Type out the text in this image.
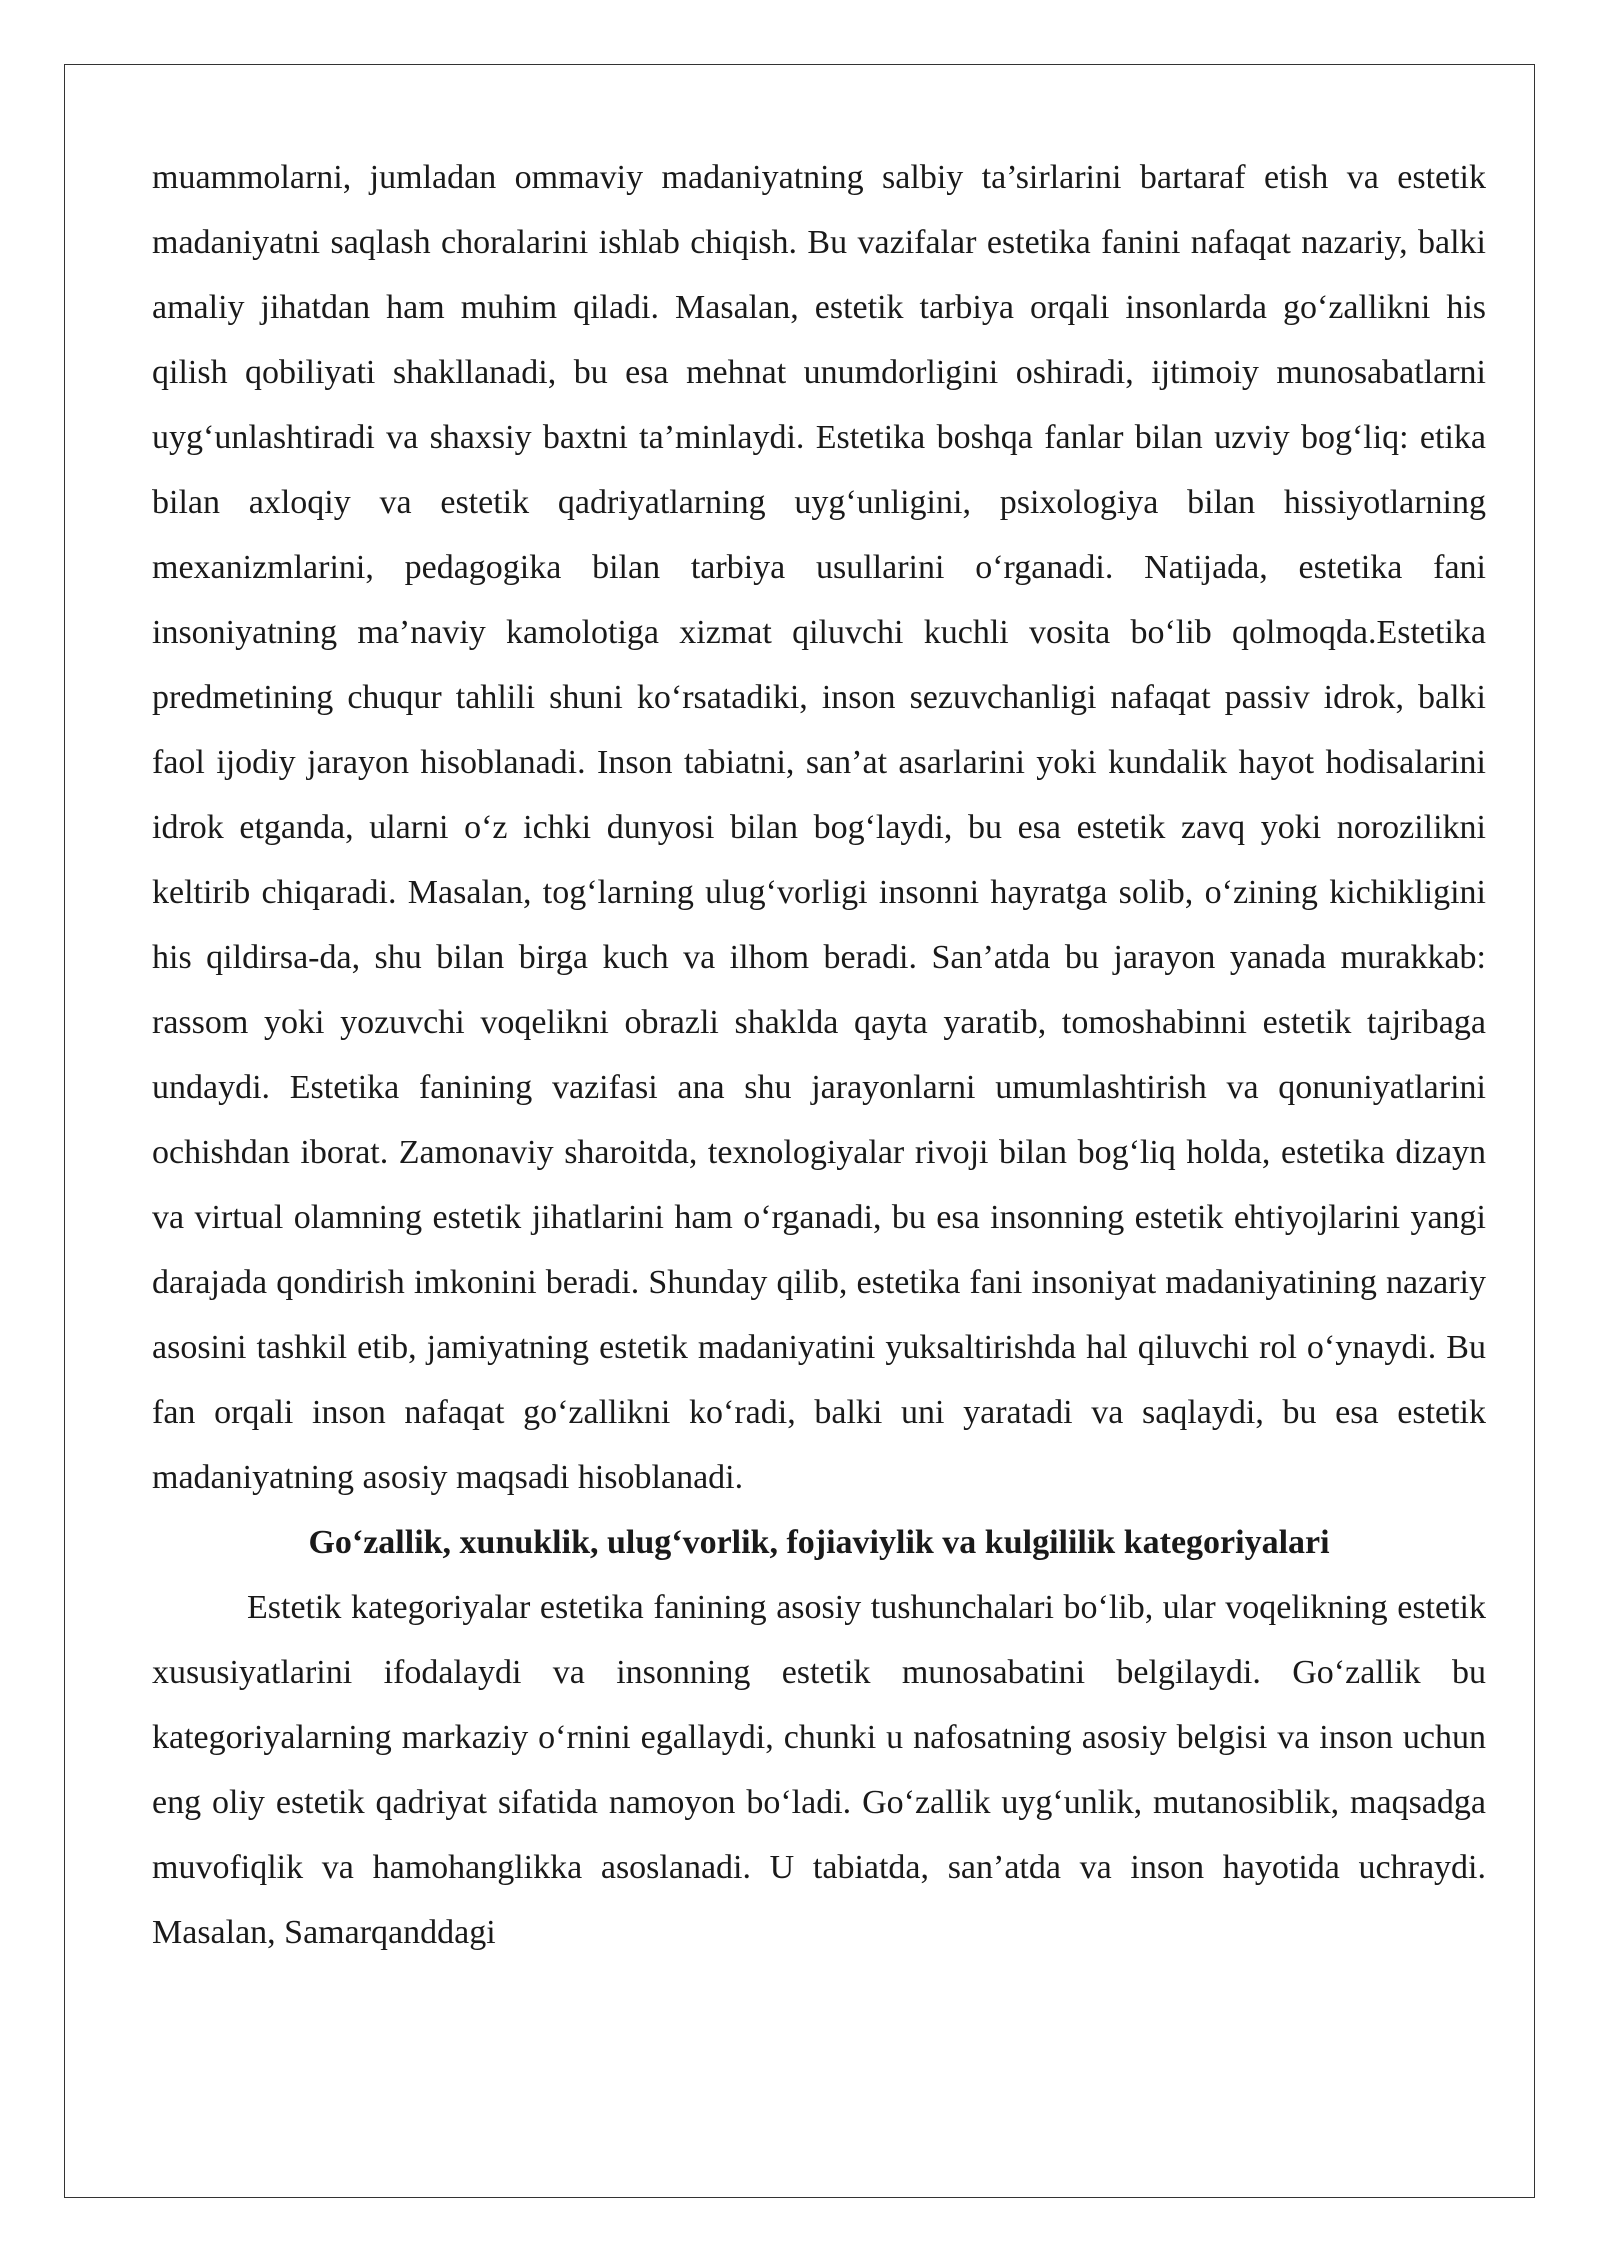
muammolarni, jumladan ommaviy madaniyatning salbiy ta’sirlarini bartaraf etish va estetik madaniyatni saqlash choralarini ishlab chiqish. Bu vazifalar estetika fanini nafaqat nazariy, balki amaliy jihatdan ham muhim qiladi. Masalan, estetik tarbiya orqali insonlarda go‘zallikni his qilish qobiliyati shakllanadi, bu esa mehnat unumdorligini oshiradi, ijtimoiy munosabatlarni uyg‘unlashtiradi va shaxsiy baxtni ta’minlaydi. Estetika boshqa fanlar bilan uzviy bog‘liq: etika bilan axloqiy va estetik qadriyatlarning uyg‘unligini, psixologiya bilan hissiyotlarning mexanizmlarini, pedagogika bilan tarbiya usullarini o‘rganadi. Natijada, estetika fani insoniyatning ma’naviy kamolotiga xizmat qiluvchi kuchli vosita bo‘lib qolmoqda.Estetika predmetining chuqur tahlili shuni ko‘rsatadiki, inson sezuvchanligi nafaqat passiv idrok, balki faol ijodiy jarayon hisoblanadi. Inson tabiatni, san’at asarlarini yoki kundalik hayot hodisalarini idrok etganda, ularni o‘z ichki dunyosi bilan bog‘laydi, bu esa estetik zavq yoki norozilikni keltirib chiqaradi. Masalan, tog‘larning ulug‘vorligi insonni hayratga solib, o‘zining kichikligini his qildirsa-da, shu bilan birga kuch va ilhom beradi. San’atda bu jarayon yanada murakkab: rassom yoki yozuvchi voqelikni obrazli shaklda qayta yaratib, tomoshabinni estetik tajribaga undaydi. Estetika fanining vazifasi ana shu jarayonlarni umumlashtirish va qonuniyatlarini ochishdan iborat. Zamonaviy sharoitda, texnologiyalar rivoji bilan bog‘liq holda, estetika dizayn va virtual olamning estetik jihatlarini ham o‘rganadi, bu esa insonning estetik ehtiyojlarini yangi darajada qondirish imkonini beradi. Shunday qilib, estetika fani insoniyat madaniyatining nazariy asosini tashkil etib, jamiyatning estetik madaniyatini yuksaltirishda hal qiluvchi rol o‘ynaydi. Bu fan orqali inson nafaqat go‘zallikni ko‘radi, balki uni yaratadi va saqlaydi, bu esa estetik madaniyatning asosiy maqsadi hisoblanadi.

Go‘zallik, xunuklik, ulug‘vorlik, fojiaviylik va kulgililik kategoriyalari

Estetik kategoriyalar estetika fanining asosiy tushunchalari bo‘lib, ular voqelikning estetik xususiyatlarini ifodalaydi va insonning estetik munosabatini belgilaydi. Go‘zallik bu kategoriyalarning markaziy o‘rnini egallaydi, chunki u nafosatning asosiy belgisi va inson uchun eng oliy estetik qadriyat sifatida namoyon bo‘ladi. Go‘zallik uyg‘unlik, mutanosiblik, maqsadga muvofiqlik va hamohanglikka asoslanadi. U tabiatda, san’atda va inson hayotida uchraydi. Masalan, Samarqanddagi
